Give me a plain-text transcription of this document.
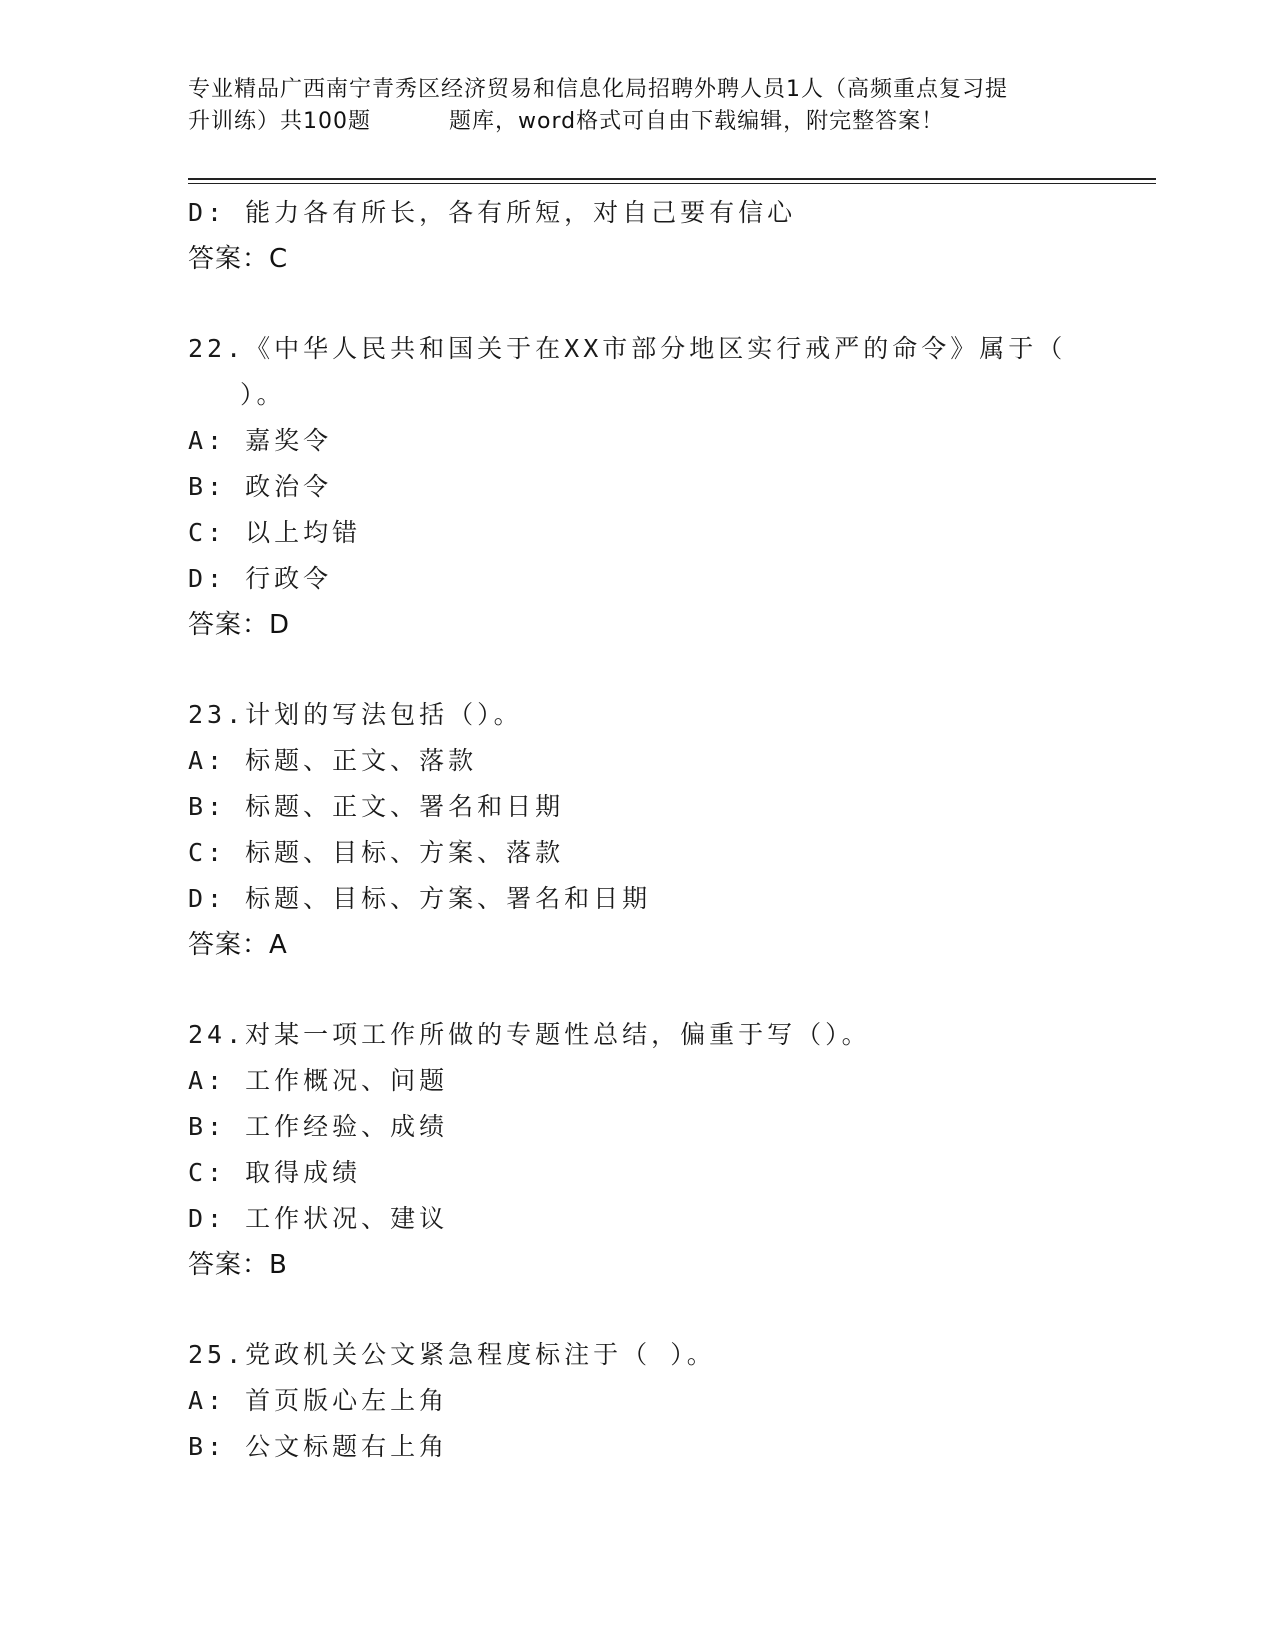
专业精品广西南宁青秀区经济贸易和信息化局招聘外聘人员1人（高频重点复习提
升训练）共100题	题库，word格式可自由下载编辑，附完整答案！
D: 能力各有所长，各有所短，对自己要有信心
答案：C
22.《中华人民共和国关于在XX市部分地区实行戒严的命令》属于（
）。
A: 嘉奖令
B: 政治令
C: 以上均错
D: 行政令
答案：D
23.计划的写法包括（）。
A: 标题、正文、落款
B: 标题、正文、署名和日期
C: 标题、目标、方案、落款
D: 标题、目标、方案、署名和日期
答案：A
24.对某一项工作所做的专题性总结，偏重于写（）。
A: 工作概况、问题
B: 工作经验、成绩
C: 取得成绩
D: 工作状况、建议
答案：B
25.党政机关公文紧急程度标注于（ ）。
A: 首页版心左上角
B: 公文标题右上角
